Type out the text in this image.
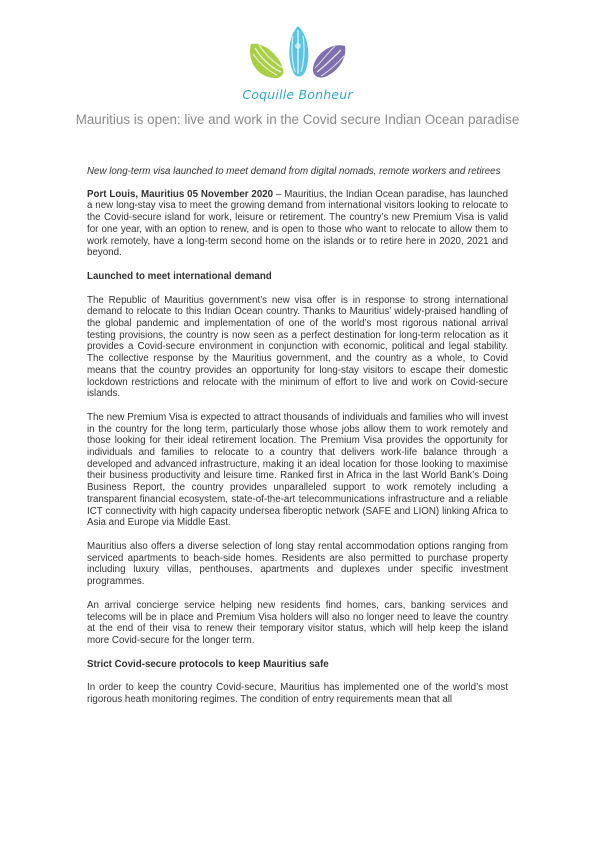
Coquille Bonheur
Mauritius is open: live and work in the Covid secure Indian Ocean paradise

New long-term visa launched to meet demand from digital nomads, remote workers and retirees

Port Louis, Mauritius 05 November 2020 – Mauritius, the Indian Ocean paradise, has launched a new long-stay visa to meet the growing demand from international visitors looking to relocate to the Covid-secure island for work, leisure or retirement. The country’s new Premium Visa is valid for one year, with an option to renew, and is open to those who want to relocate to allow them to work remotely, have a long-term second home on the islands or to retire here in 2020, 2021 and beyond.

Launched to meet international demand

The Republic of Mauritius government’s new visa offer is in response to strong international demand to relocate to this Indian Ocean country. Thanks to Mauritius’ widely-praised handling of the global pandemic and implementation of one of the world’s most rigorous national arrival testing provisions, the country is now seen as a perfect destination for long-term relocation as it provides a Covid-secure environment in conjunction with economic, political and legal stability. The collective response by the Mauritius government, and the country as a whole, to Covid means that the country provides an opportunity for long-stay visitors to escape their domestic lockdown restrictions and relocate with the minimum of effort to live and work on Covid-secure islands.

The new Premium Visa is expected to attract thousands of individuals and families who will invest in the country for the long term, particularly those whose jobs allow them to work remotely and those looking for their ideal retirement location. The Premium Visa provides the opportunity for individuals and families to relocate to a country that delivers work-life balance through a developed and advanced infrastructure, making it an ideal location for those looking to maximise their business productivity and leisure time. Ranked first in Africa in the last World Bank’s Doing Business Report, the country provides unparalleled support to work remotely including a transparent financial ecosystem, state-of-the-art telecommunications infrastructure and a reliable ICT connectivity with high capacity undersea fiberoptic network (SAFE and LION) linking Africa to Asia and Europe via Middle East.

Mauritius also offers a diverse selection of long stay rental accommodation options ranging from serviced apartments to beach-side homes. Residents are also permitted to purchase property including luxury villas, penthouses, apartments and duplexes under specific investment programmes.

An arrival concierge service helping new residents find homes, cars, banking services and telecoms will be in place and Premium Visa holders will also no longer need to leave the country at the end of their visa to renew their temporary visitor status, which will help keep the island more Covid-secure for the longer term.

Strict Covid-secure protocols to keep Mauritius safe

In order to keep the country Covid-secure, Mauritius has implemented one of the world’s most rigorous heath monitoring regimes. The condition of entry requirements mean that all
